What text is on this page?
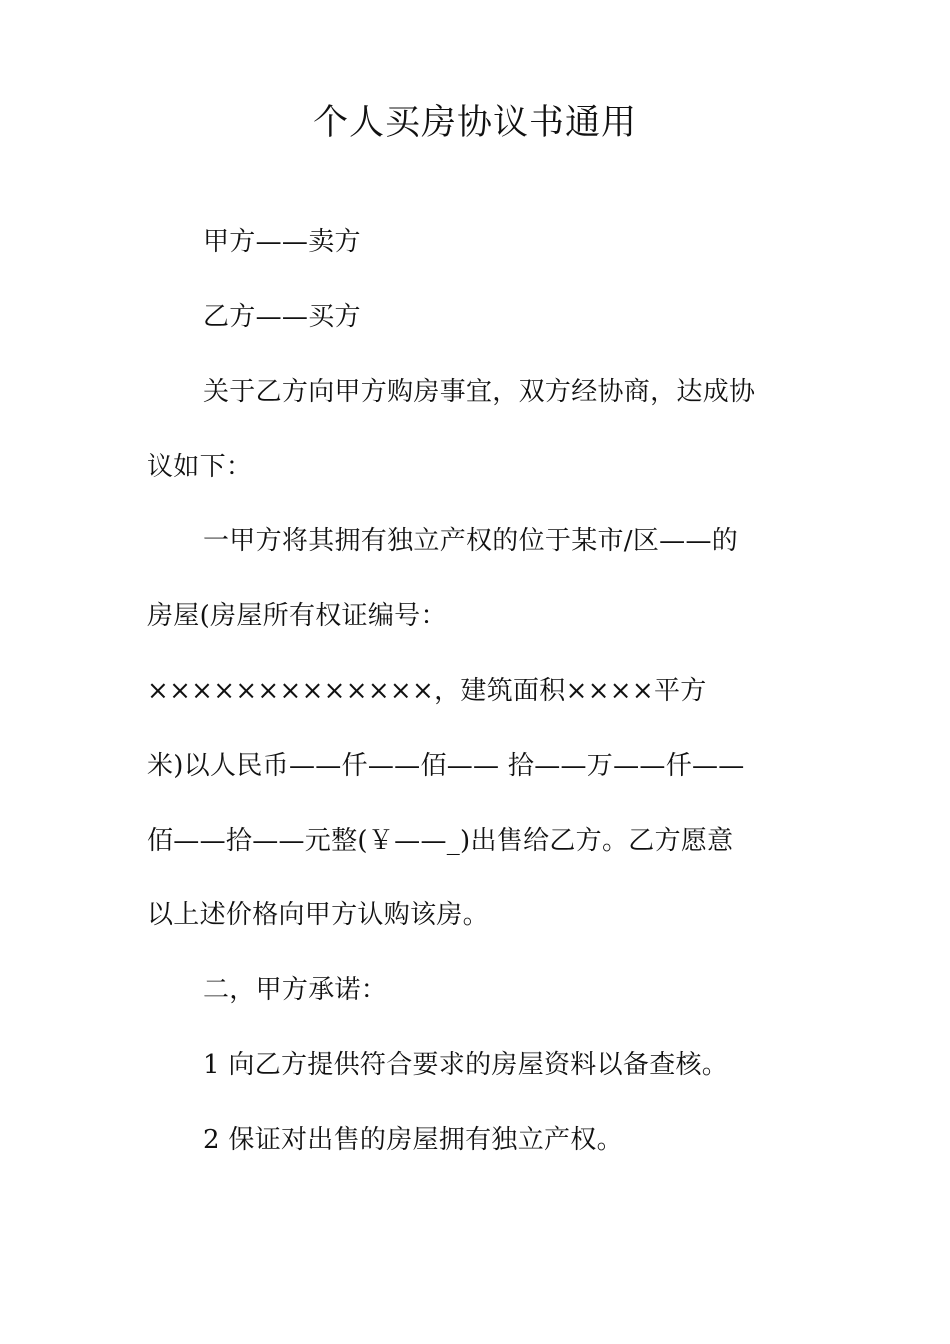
个人买房协议书通用
甲方——卖方
乙方——买方
关于乙方向甲方购房事宜，双方经协商，达成协
议如下：
一甲方将其拥有独立产权的位于某市/区——的
房屋(房屋所有权证编号：
×××××××××××××，建筑面积××××平方
米)以人民币——仟——佰—— 拾——万——仟——
佰——拾——元整(￥——_)出售给乙方。乙方愿意
以上述价格向甲方认购该房。
二，甲方承诺：
1 向乙方提供符合要求的房屋资料以备查核。
2 保证对出售的房屋拥有独立产权。
